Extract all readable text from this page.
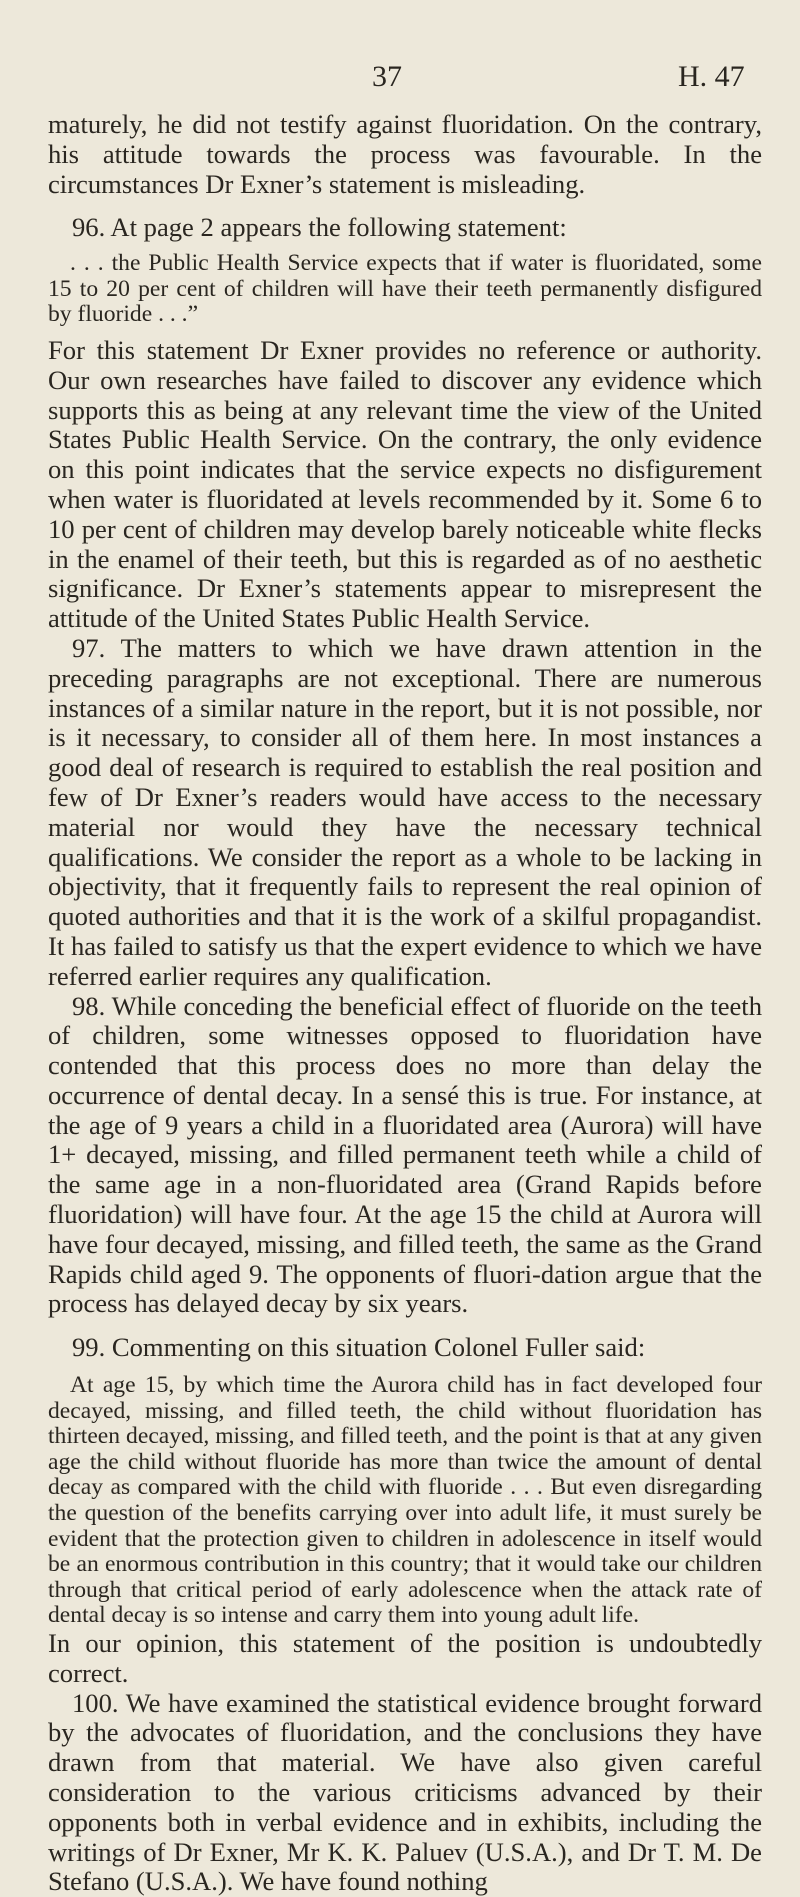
37	H. 47

maturely, he did not testify against fluoridation. On the contrary, his attitude towards the process was favourable. In the circumstances Dr Exner’s statement is misleading.

96. At page 2 appears the following statement:

. . . the Public Health Service expects that if water is fluoridated, some 15 to 20 per cent of children will have their teeth permanently disfigured by fluoride . . .”

For this statement Dr Exner provides no reference or authority. Our own researches have failed to discover any evidence which supports this as being at any relevant time the view of the United States Public Health Service. On the contrary, the only evidence on this point indicates that the service expects no disfigurement when water is fluoridated at levels recommended by it. Some 6 to 10 per cent of children may develop barely noticeable white flecks in the enamel of their teeth, but this is regarded as of no aesthetic significance. Dr Exner’s statements appear to misrepresent the attitude of the United States Public Health Service.

97. The matters to which we have drawn attention in the preceding paragraphs are not exceptional. There are numerous instances of a similar nature in the report, but it is not possible, nor is it necessary, to consider all of them here. In most instances a good deal of research is required to establish the real position and few of Dr Exner’s readers would have access to the necessary material nor would they have the necessary technical qualifications. We consider the report as a whole to be lacking in objectivity, that it frequently fails to represent the real opinion of quoted authorities and that it is the work of a skilful propagandist. It has failed to satisfy us that the expert evidence to which we have referred earlier requires any qualification.

98. While conceding the beneficial effect of fluoride on the teeth of children, some witnesses opposed to fluoridation have contended that this process does no more than delay the occurrence of dental decay. In a sensé this is true. For instance, at the age of 9 years a child in a fluoridated area (Aurora) will have 1+ decayed, missing, and filled permanent teeth while a child of the same age in a non-fluoridated area (Grand Rapids before fluoridation) will have four. At the age 15 the child at Aurora will have four decayed, missing, and filled teeth, the same as the Grand Rapids child aged 9. The opponents of fluori-dation argue that the process has delayed decay by six years.

99. Commenting on this situation Colonel Fuller said:

At age 15, by which time the Aurora child has in fact developed four decayed, missing, and filled teeth, the child without fluoridation has thirteen decayed, missing, and filled teeth, and the point is that at any given age the child without fluoride has more than twice the amount of dental decay as compared with the child with fluoride . . . But even disregarding the question of the benefits carrying over into adult life, it must surely be evident that the protection given to children in adolescence in itself would be an enormous contribution in this country; that it would take our children through that critical period of early adolescence when the attack rate of dental decay is so intense and carry them into young adult life.

In our opinion, this statement of the position is undoubtedly correct.

100. We have examined the statistical evidence brought forward by the advocates of fluoridation, and the conclusions they have drawn from that material. We have also given careful consideration to the various criticisms advanced by their opponents both in verbal evidence and in exhibits, including the writings of Dr Exner, Mr K. K. Paluev (U.S.A.), and Dr T. M. De Stefano (U.S.A.). We have found nothing
